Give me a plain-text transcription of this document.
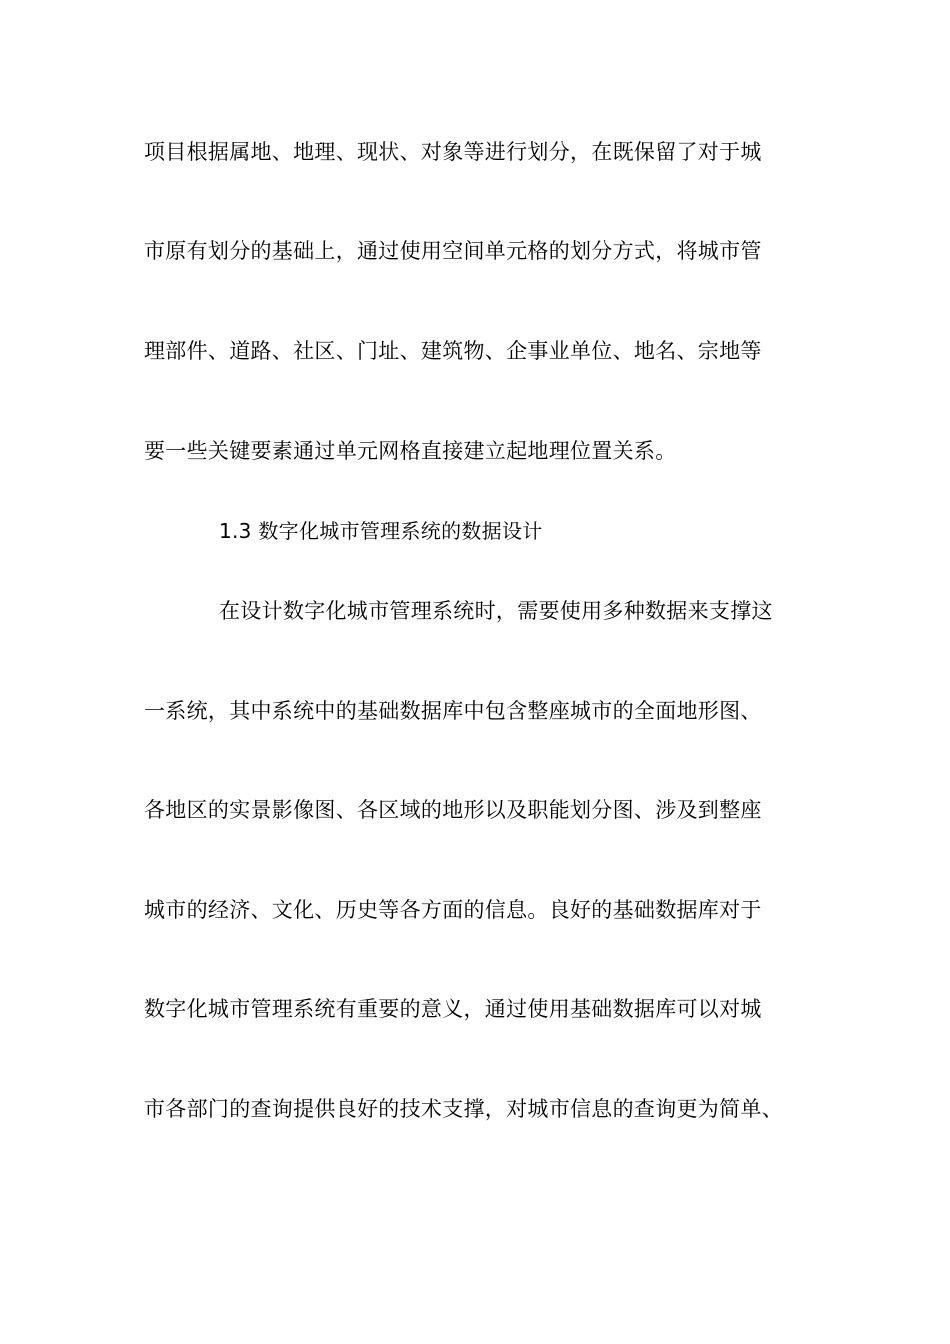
项目根据属地、地理、现状、对象等进行划分，在既保留了对于城
市原有划分的基础上，通过使用空间单元格的划分方式，将城市管
理部件、道路、社区、门址、建筑物、企事业单位、地名、宗地等
要一些关键要素通过单元网格直接建立起地理位置关系。
1.3 数字化城市管理系统的数据设计
在设计数字化城市管理系统时，需要使用多种数据来支撑这
一系统，其中系统中的基础数据库中包含整座城市的全面地形图、
各地区的实景影像图、各区域的地形以及职能划分图、涉及到整座
城市的经济、文化、历史等各方面的信息。良好的基础数据库对于
数字化城市管理系统有重要的意义，通过使用基础数据库可以对城
市各部门的查询提供良好的技术支撑，对城市信息的查询更为简单、
